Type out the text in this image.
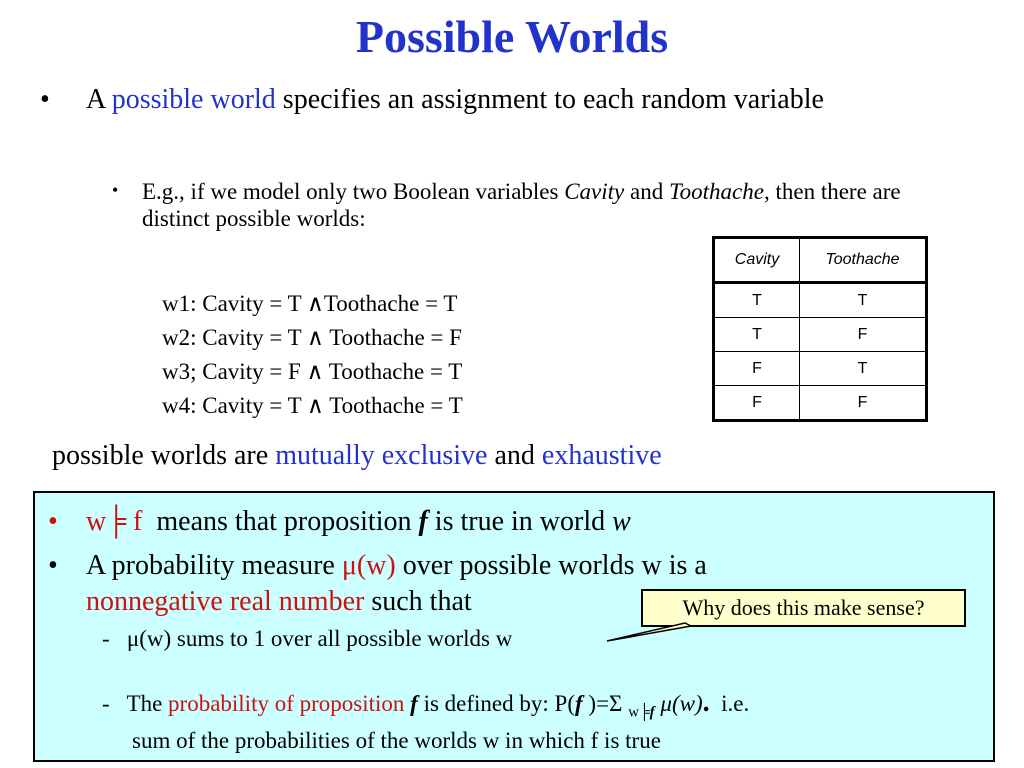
Possible Worlds
• A possible world specifies an assignment to each random variable
• E.g., if we model only two Boolean variables Cavity and Toothache, then there aredistinct possible worlds:
w1: Cavity = T ∧Toothache = T
w2: Cavity = T ∧ Toothache = F
w3; Cavity = F ∧ Toothache = T
w4: Cavity = T ∧ Toothache = T
Cavity	Toothache
T	T
T	F
F	T
F	F
possible worlds are mutually exclusive and exhaustive
• w╞ f means that proposition f is true in world w
• A probability measure μ(w) over possible worlds w is a
nonnegative real number such that	Why does this make sense?
- μ(w) sums to 1 over all possible worlds w
- The probability of proposition f is defined by: P(f )=Σ $_{w╞f}$ μ(w). i.e.
sum of the probabilities of the worlds w in which f is true
